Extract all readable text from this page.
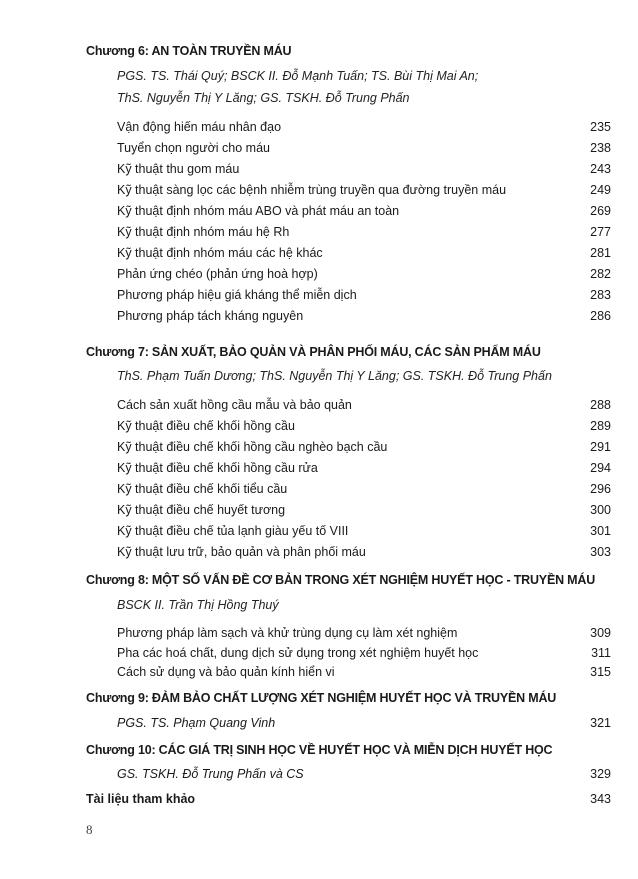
Chương 6: AN TOÀN TRUYỀN MÁU
PGS. TS. Thái Quý; BSCK II. Đỗ Mạnh Tuấn; TS. Bùi Thị Mai An;
ThS. Nguyễn Thị Y Lăng; GS. TSKH. Đỗ Trung Phấn
Vận động hiến máu nhân đạo	235
Tuyển chọn người cho máu	238
Kỹ thuật thu gom máu	243
Kỹ thuật sàng lọc các bệnh nhiễm trùng truyền qua đường truyền máu	249
Kỹ thuật định nhóm máu ABO và phát máu an toàn	269
Kỹ thuật định nhóm máu hệ Rh	277
Kỹ thuật định nhóm máu các hệ khác	281
Phản ứng chéo (phản ứng hoà hợp)	282
Phương pháp hiệu giá kháng thể miễn dịch	283
Phương pháp tách kháng nguyên	286
Chương 7: SẢN XUẤT, BẢO QUẢN VÀ PHÂN PHỐI MÁU, CÁC SẢN PHẨM MÁU
ThS. Phạm Tuấn Dương; ThS. Nguyễn Thị Y Lăng; GS. TSKH. Đỗ Trung Phấn
Cách sản xuất hồng cầu mẫu và bảo quản	288
Kỹ thuật điều chế khối hồng cầu	289
Kỹ thuật điều chế khối hồng cầu nghèo bạch cầu	291
Kỹ thuật điều chế khối hồng cầu rửa	294
Kỹ thuật điều chế khối tiểu cầu	296
Kỹ thuật điều chế huyết tương	300
Kỹ thuật điều chế tủa lạnh giàu yếu tố VIII	301
Kỹ thuật lưu trữ, bảo quản và phân phối máu	303
Chương 8: MỘT SỐ VẤN ĐỀ CƠ BẢN TRONG XÉT NGHIỆM HUYẾT HỌC - TRUYỀN MÁU
BSCK II. Trần Thị Hồng Thuý
Phương pháp làm sạch và khử trùng dụng cụ làm xét nghiệm	309
Pha các hoá chất, dung dịch sử dụng trong xét nghiệm huyết học	311
Cách sử dụng và bảo quản kính hiển vi	315
Chương 9: ĐẢM BẢO CHẤT LƯỢNG XÉT NGHIỆM HUYẾT HỌC VÀ TRUYỀN MÁU
PGS. TS. Phạm Quang Vinh	321
Chương 10: CÁC GIÁ TRỊ SINH HỌC VỀ HUYẾT HỌC VÀ MIỄN DỊCH HUYẾT HỌC
GS. TSKH. Đỗ Trung Phấn và CS	329
Tài liệu tham khảo	343
8
